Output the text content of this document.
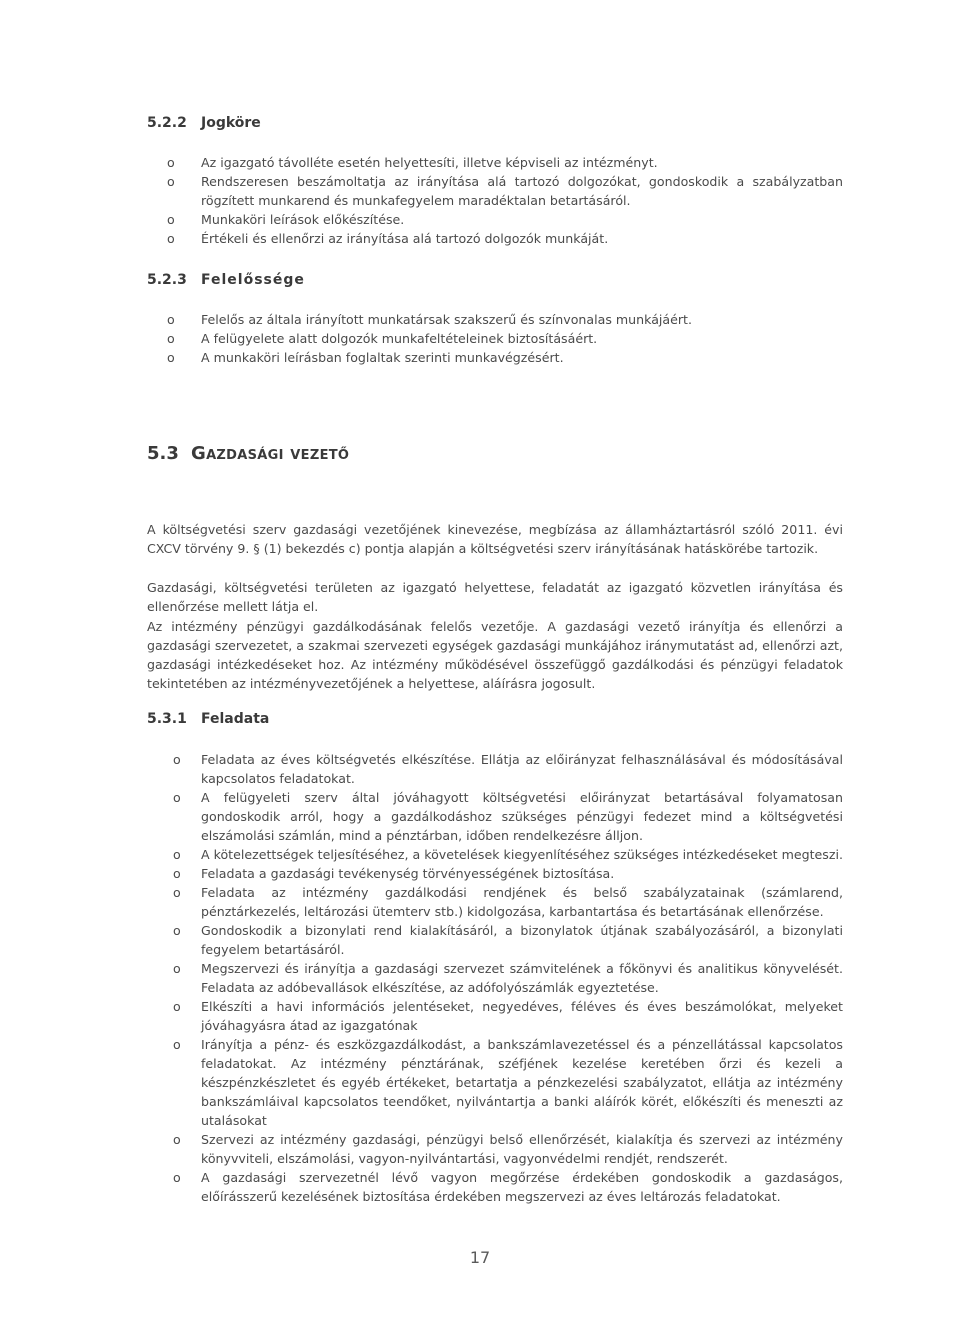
5.2.2 Jogköre
o Az igazgató távolléte esetén helyettesíti, illetve képviseli az intézményt.
o Rendszeresen beszámoltatja az irányítása alá tartozó dolgozókat, gondoskodik a szabályzatban rögzített munkarend és munkafegyelem maradéktalan betartásáról.
o Munkaköri leírások előkészítése.
o Értékeli és ellenőrzi az irányítása alá tartozó dolgozók munkáját.
5.2.3 Felelőssége
o Felelős az általa irányított munkatársak szakszerű és színvonalas munkájáért.
o A felügyelete alatt dolgozók munkafeltételeinek biztosításáért.
o A munkaköri leírásban foglaltak szerinti munkavégzésért.
5.3 Gazdasági vezető

A költségvetési szerv gazdasági vezetőjének kinevezése, megbízása az államháztartásról szóló 2011. évi CXCV törvény 9. § (1) bekezdés c) pontja alapján a költségvetési szerv irányításának hatáskörébe tartozik.

Gazdasági, költségvetési területen az igazgató helyettese, feladatát az igazgató közvetlen irányítása és ellenőrzése mellett látja el.

Az intézmény pénzügyi gazdálkodásának felelős vezetője. A gazdasági vezető irányítja és ellenőrzi a gazdasági szervezetet, a szakmai szervezeti egységek gazdasági munkájához iránymutatást ad, ellenőrzi azt, gazdasági intézkedéseket hoz. Az intézmény működésével összefüggő gazdálkodási és pénzügyi feladatok tekintetében az intézményvezetőjének a helyettese, aláírásra jogosult.

5.3.1 Feladata
o Feladata az éves költségvetés elkészítése. Ellátja az előirányzat felhasználásával és módosításával kapcsolatos feladatokat.
o A felügyeleti szerv által jóváhagyott költségvetési előirányzat betartásával folyamatosan gondoskodik arról, hogy a gazdálkodáshoz szükséges pénzügyi fedezet mind a költségvetési elszámolási számlán, mind a pénztárban, időben rendelkezésre álljon.
o A kötelezettségek teljesítéséhez, a követelések kiegyenlítéséhez szükséges intézkedéseket megteszi.
o Feladata a gazdasági tevékenység törvényességének biztosítása.
o Feladata az intézmény gazdálkodási rendjének és belső szabályzatainak (számlarend, pénztárkezelés, leltározási ütemterv stb.) kidolgozása, karbantartása és betartásának ellenőrzése.
o Gondoskodik a bizonylati rend kialakításáról, a bizonylatok útjának szabályozásáról, a bizonylati fegyelem betartásáról.
o Megszervezi és irányítja a gazdasági szervezet számvitelének a főkönyvi és analitikus könyvelését. Feladata az adóbevallások elkészítése, az adófolyószámlák egyeztetése.
o Elkészíti a havi információs jelentéseket, negyedéves, féléves és éves beszámolókat, melyeket jóváhagyásra átad az igazgatónak
o Irányítja a pénz- és eszközgazdálkodást, a bankszámlavezetéssel és a pénzellátással kapcsolatos feladatokat. Az intézmény pénztárának, széfjének kezelése keretében őrzi és kezeli a készpénzkészletet és egyéb értékeket, betartatja a pénzkezelési szabályzatot, ellátja az intézmény bankszámláival kapcsolatos teendőket, nyilvántartja a banki aláírók körét, előkészíti és meneszti az utalásokat
o Szervezi az intézmény gazdasági, pénzügyi belső ellenőrzését, kialakítja és szervezi az intézmény könyvviteli, elszámolási, vagyon-nyilvántartási, vagyonvédelmi rendjét, rendszerét.
o A gazdasági szervezetnél lévő vagyon megőrzése érdekében gondoskodik a gazdaságos, előírásszerű kezelésének biztosítása érdekében megszervezi az éves leltározás feladatokat.
17
